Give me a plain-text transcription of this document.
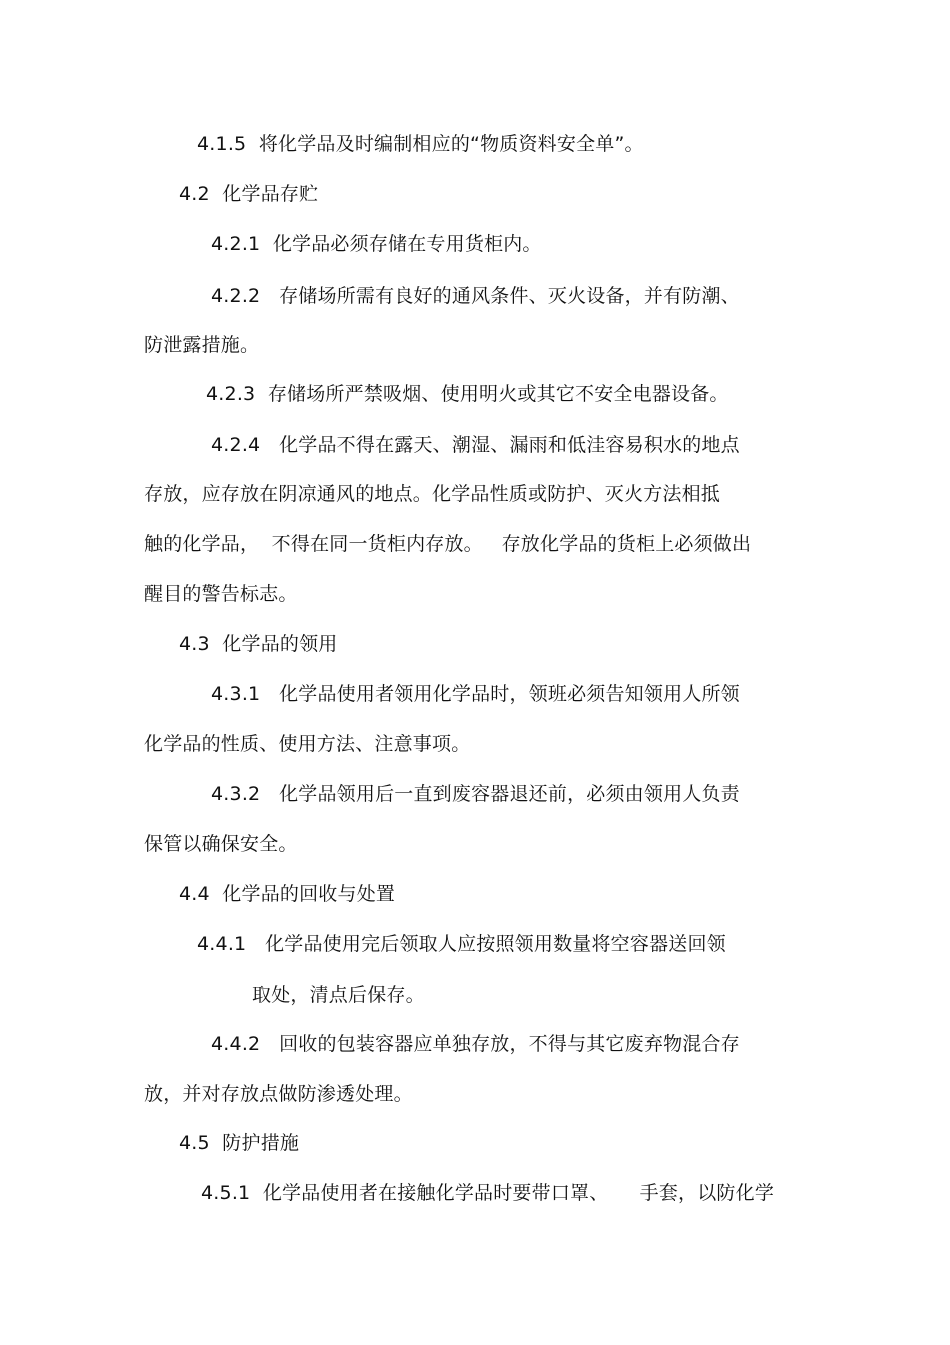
4.1.5  将化学品及时编制相应的“物质资料安全单”。
4.2  化学品存贮
4.2.1  化学品必须存储在专用货柜内。
4.2.2   存储场所需有良好的通风条件、灭火设备，并有防潮、
防泄露措施。
4.2.3  存储场所严禁吸烟、使用明火或其它不安全电器设备。
4.2.4   化学品不得在露天、潮湿、漏雨和低洼容易积水的地点
存放，应存放在阴凉通风的地点。化学品性质或防护、灭火方法相抵
触的化学品，  不得在同一货柜内存放。   存放化学品的货柜上必须做出
醒目的警告标志。
4.3  化学品的领用
4.3.1   化学品使用者领用化学品时，领班必须告知领用人所领
化学品的性质、使用方法、注意事项。
4.3.2   化学品领用后一直到废容器退还前，必须由领用人负责
保管以确保安全。
4.4  化学品的回收与处置
4.4.1   化学品使用完后领取人应按照领用数量将空容器送回领
取处，清点后保存。
4.4.2   回收的包装容器应单独存放，不得与其它废弃物混合存
放，并对存放点做防渗透处理。
4.5  防护措施
4.5.1  化学品使用者在接触化学品时要带口罩、     手套，以防化学
